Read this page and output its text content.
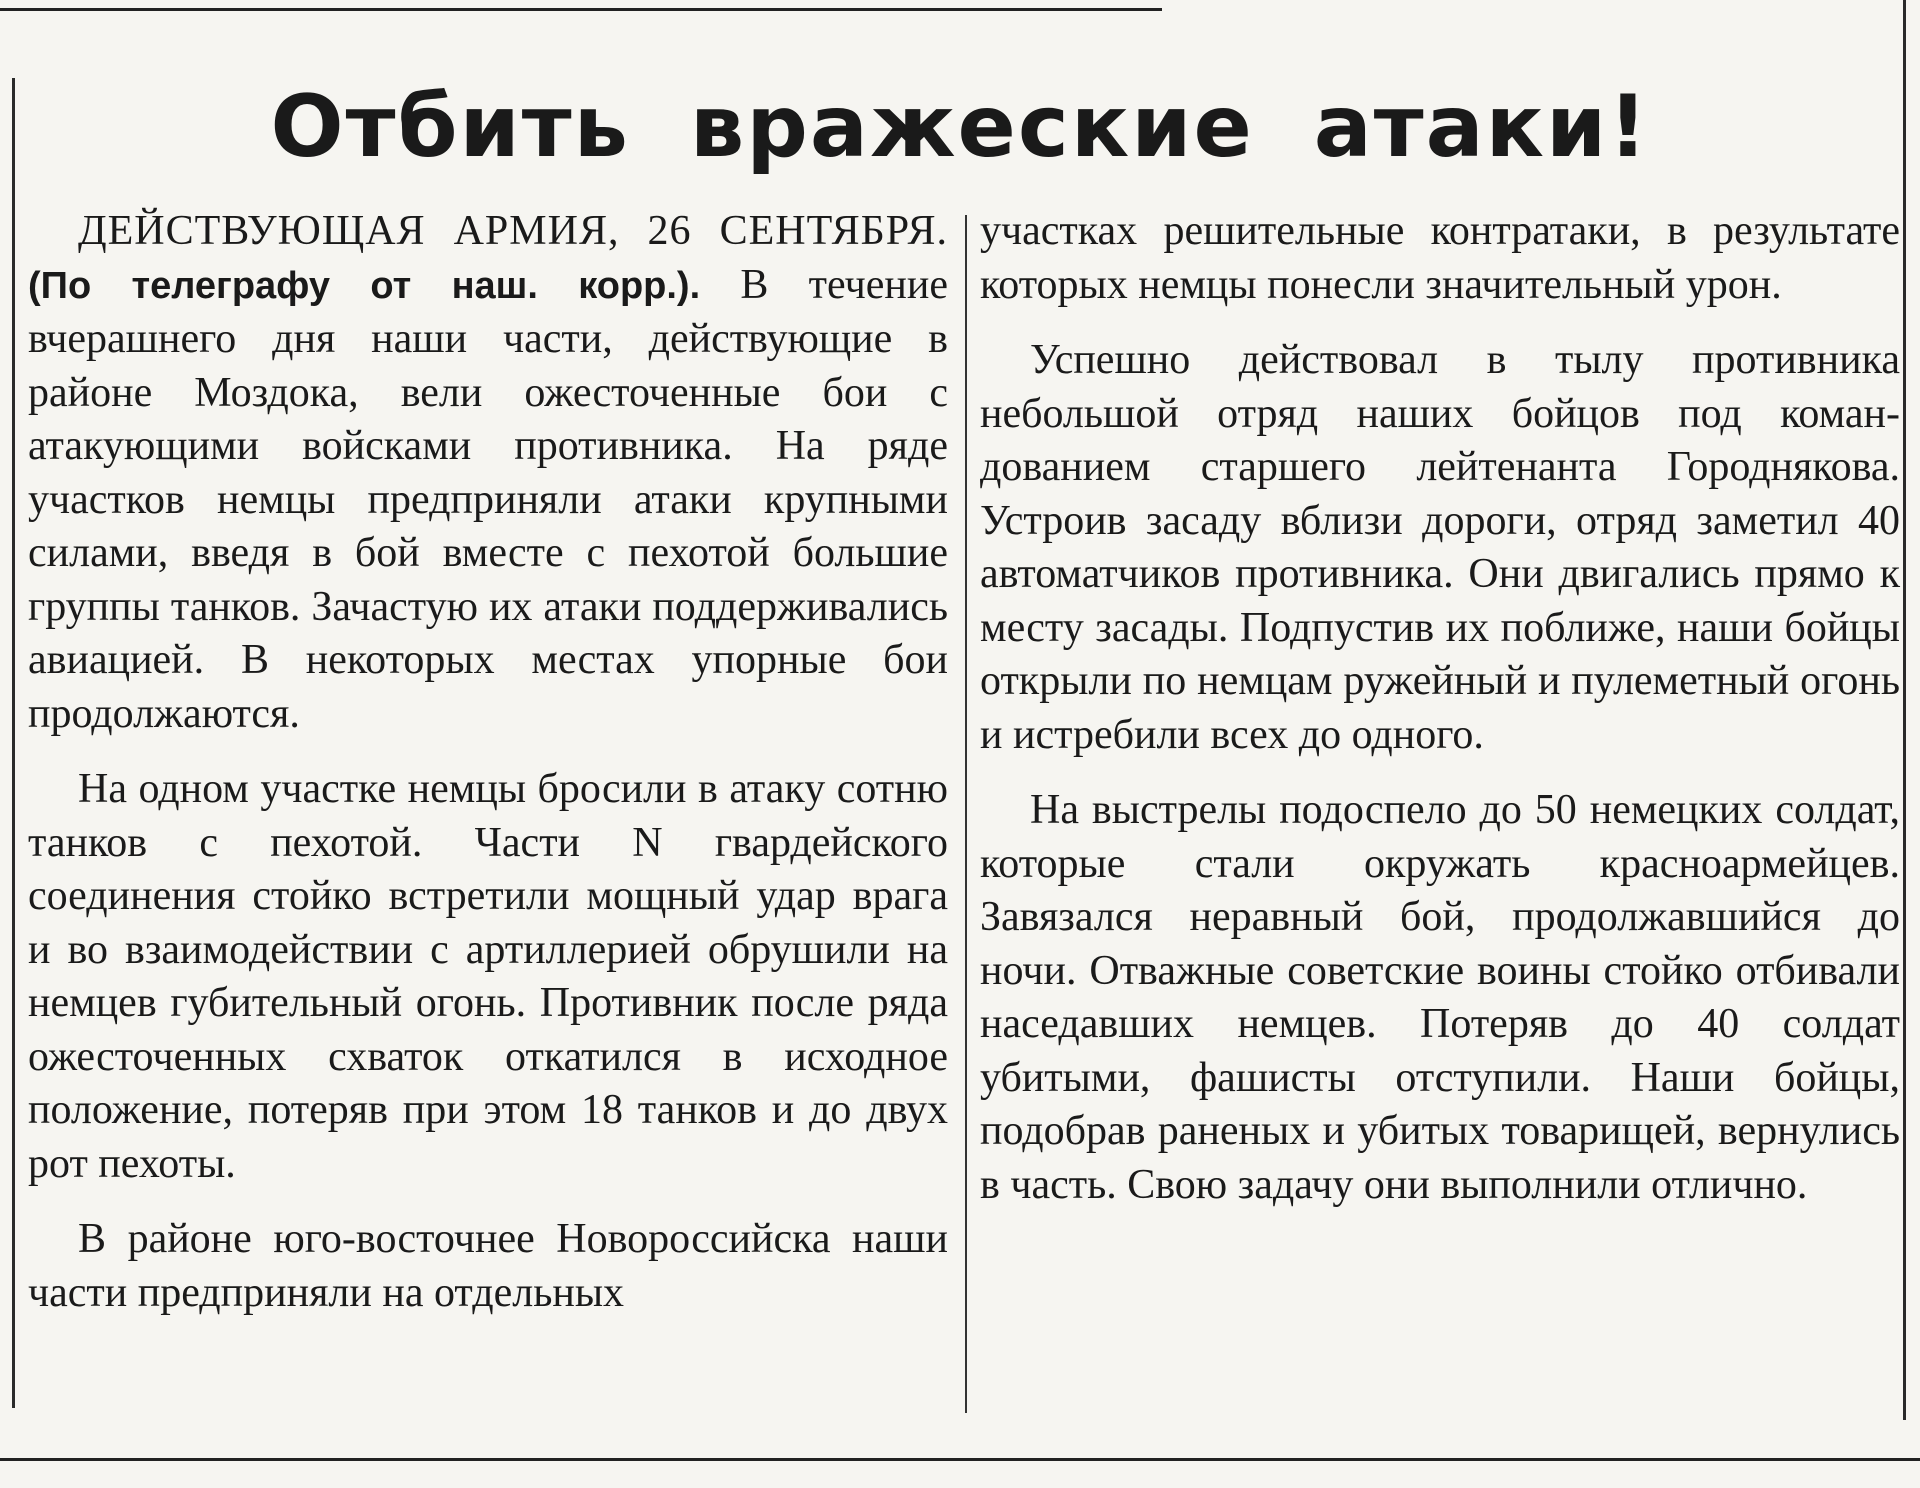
Отбить вражеские атаки!

ДЕЙСТВУЮЩАЯ АРМИЯ, 26 СЕНТЯБРЯ. (По телеграфу от наш. корр.). В течение вчерашнего дня наши части, действующие в районе Моздока, вели ожесточенные бои с атакующими войсками противника. На ряде участков немцы предприняли атаки крупными силами, введя в бой вместе с пехотой большие группы танков. Зачастую их атаки поддерживались авиацией. В некоторых местах упорные бои продолжаются.

На одном участке немцы бросили в атаку сотню танков с пехотой. Части N гвардейского соединения стойко встретили мощный удар врага и во взаимодействии с артиллерией обрушили на немцев губительный огонь. Противник после ряда ожесточенных схваток откатился в исходное положение, потеряв при этом 18 танков и до двух рот пехоты.

В районе юго-восточнее Новороссийска наши части предприняли на отдельных

участках решительные контратаки, в результате которых немцы понесли значительный урон.

Успешно действовал в тылу противника небольшой отряд наших бойцов под командованием старшего лейтенанта Городнякова. Устроив засаду вблизи дороги, отряд заметил 40 автоматчиков противника. Они двигались прямо к месту засады. Подпустив их поближе, наши бойцы открыли по немцам ружейный и пулеметный огонь и истребили всех до одного.

На выстрелы подоспело до 50 немецких солдат, которые стали окружать красноармейцев. Завязался неравный бой, продолжавшийся до ночи. Отважные советские воины стойко отбивали наседавших немцев. Потеряв до 40 солдат убитыми, фашисты отступили. Наши бойцы, подобрав раненых и убитых товарищей, вернулись в часть. Свою задачу они выполнили отлично.
